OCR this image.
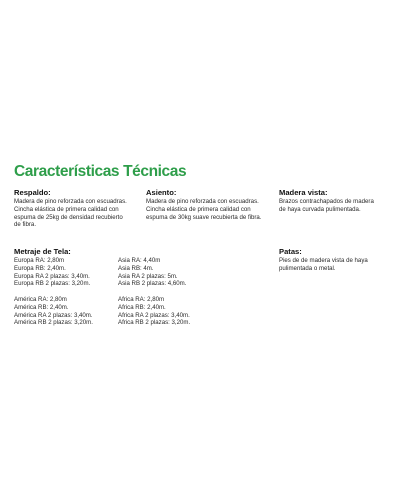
Características Técnicas
Respaldo:
Madera de pino reforzada con escuadras.
Cincha elástica de primera calidad con
espuma de 25kg de densidad recubierto
de fibra.
Asiento:
Madera de pino reforzada con escuadras.
Cincha elástica de primera calidad con
espuma de 30kg suave recubierta de fibra.
Madera vista:
Brazos contrachapados de madera
de haya curvada pulimentada.
Metraje de Tela:
Europa RA: 2,80m
Europa RB: 2,40m.
Europa RA 2 plazas: 3,40m.
Europa RB 2 plazas: 3,20m.
América RA: 2,80m
América RB: 2,40m.
América RA 2 plazas: 3,40m.
América RB 2 plazas: 3,20m.
Asia RA: 4,40m
Asia RB: 4m.
Asia RA 2 plazas: 5m.
Asia RB 2 plazas: 4,60m.
Africa RA: 2,80m
Africa RB: 2,40m.
Africa RA 2 plazas: 3,40m.
Africa RB 2 plazas: 3,20m.
Patas:
Pies de de madera vista de haya
pulimentada o metal.
